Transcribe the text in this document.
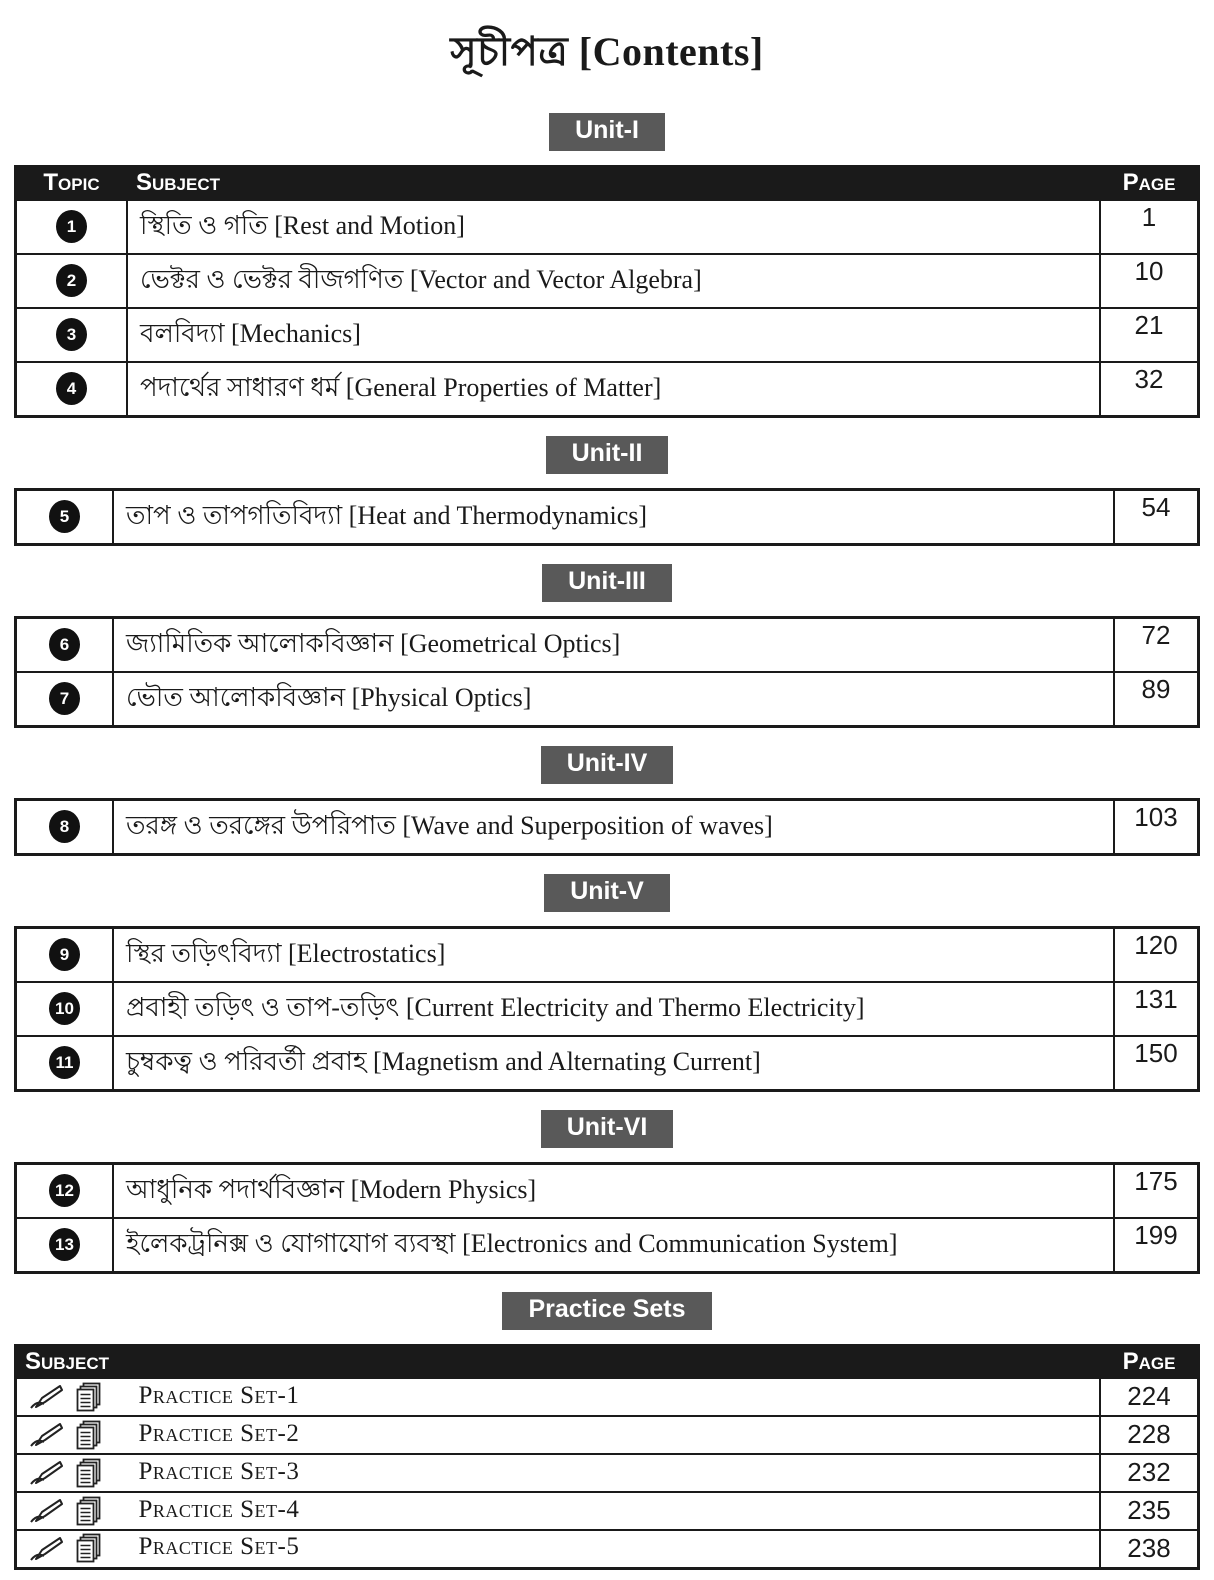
সূচীপত্র [Contents]
Unit-I
Topic	Subject	Page

1	স্থিতি ও গতি [Rest and Motion]	1

2	ভেক্টর ও ভেক্টর বীজগণিত [Vector and Vector Algebra]	10

3	বলবিদ্যা [Mechanics]	21

4	পদার্থের সাধারণ ধর্ম [General Properties of Matter]	32
Unit-II
5	তাপ ও তাপগতিবিদ্যা [Heat and Thermodynamics]	54
Unit-III
6	জ্যামিতিক আলোকবিজ্ঞান [Geometrical Optics]	72

7	ভৌত আলোকবিজ্ঞান [Physical Optics]	89
Unit-IV
8	তরঙ্গ ও তরঙ্গের উপরিপাত [Wave and Superposition of waves]	103
Unit-V
9	স্থির তড়িৎবিদ্যা [Electrostatics]	120

10	প্রবাহী তড়িৎ ও তাপ-তড়িৎ [Current Electricity and Thermo Electricity]	131

11	চুম্বকত্ব ও পরিবর্তী প্রবাহ [Magnetism and Alternating Current]	150
Unit-VI
12	আধুনিক পদার্থবিজ্ঞান [Modern Physics]	175

13	ইলেকট্রনিক্স ও যোগাযোগ ব্যবস্থা [Electronics and Communication System]	199
Practice Sets
Subject	Page
Practice Set-1	224
Practice Set-2	228
Practice Set-3	232
Practice Set-4	235
Practice Set-5	238
